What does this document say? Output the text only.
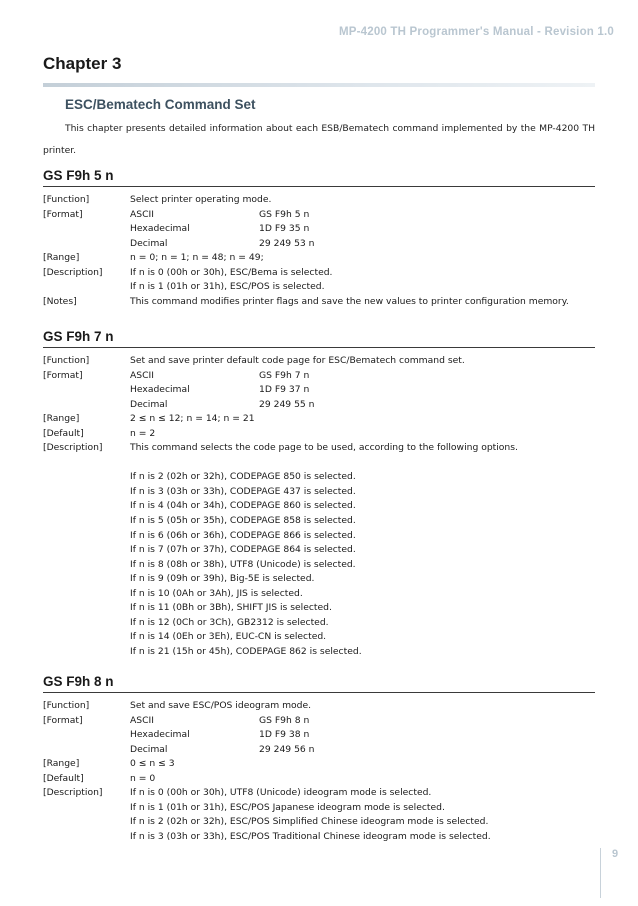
MP-4200 TH Programmer's Manual - Revision 1.0
Chapter 3
ESC/Bematech Command Set
This chapter presents detailed information about each ESB/Bematech command implemented by the MP-4200 TH printer.
GS F9h 5 n
[Function]	Select printer operating mode.
[Format]	ASCII	GS F9h 5 n
Hexadecimal	1D F9 35 n
Decimal	29 249 53 n
[Range]	n = 0; n = 1; n = 48; n = 49;
[Description]	If n is 0 (00h or 30h), ESC/Bema is selected.
If n is 1 (01h or 31h), ESC/POS is selected.
[Notes]	This command modifies printer flags and save the new values to printer configuration memory.
GS F9h 7 n
[Function]	Set and save printer default code page for ESC/Bematech command set.
[Format]	ASCII	GS F9h 7 n
Hexadecimal	1D F9 37 n
Decimal	29 249 55 n
[Range]	2 ≤ n ≤ 12; n = 14; n = 21
[Default]	n = 2
[Description]	This command selects the code page to be used, according to the following options.
If n is 2 (02h or 32h), CODEPAGE 850 is selected.
If n is 3 (03h or 33h), CODEPAGE 437 is selected.
If n is 4 (04h or 34h), CODEPAGE 860 is selected.
If n is 5 (05h or 35h), CODEPAGE 858 is selected.
If n is 6 (06h or 36h), CODEPAGE 866 is selected.
If n is 7 (07h or 37h), CODEPAGE 864 is selected.
If n is 8 (08h or 38h), UTF8 (Unicode) is selected.
If n is 9 (09h or 39h), Big-5E is selected.
If n is 10 (0Ah or 3Ah), JIS is selected.
If n is 11 (0Bh or 3Bh), SHIFT JIS is selected.
If n is 12 (0Ch or 3Ch), GB2312 is selected.
If n is 14 (0Eh or 3Eh), EUC-CN is selected.
If n is 21 (15h or 45h), CODEPAGE 862 is selected.
GS F9h 8 n
[Function]	Set and save ESC/POS ideogram mode.
[Format]	ASCII	GS F9h 8 n
Hexadecimal	1D F9 38 n
Decimal	29 249 56 n
[Range]	0 ≤ n ≤ 3
[Default]	n = 0
[Description]	If n is 0 (00h or 30h), UTF8 (Unicode) ideogram mode is selected.
If n is 1 (01h or 31h), ESC/POS Japanese ideogram mode is selected.
If n is 2 (02h or 32h), ESC/POS Simplified Chinese ideogram mode is selected.
If n is 3 (03h or 33h), ESC/POS Traditional Chinese ideogram mode is selected.
9
